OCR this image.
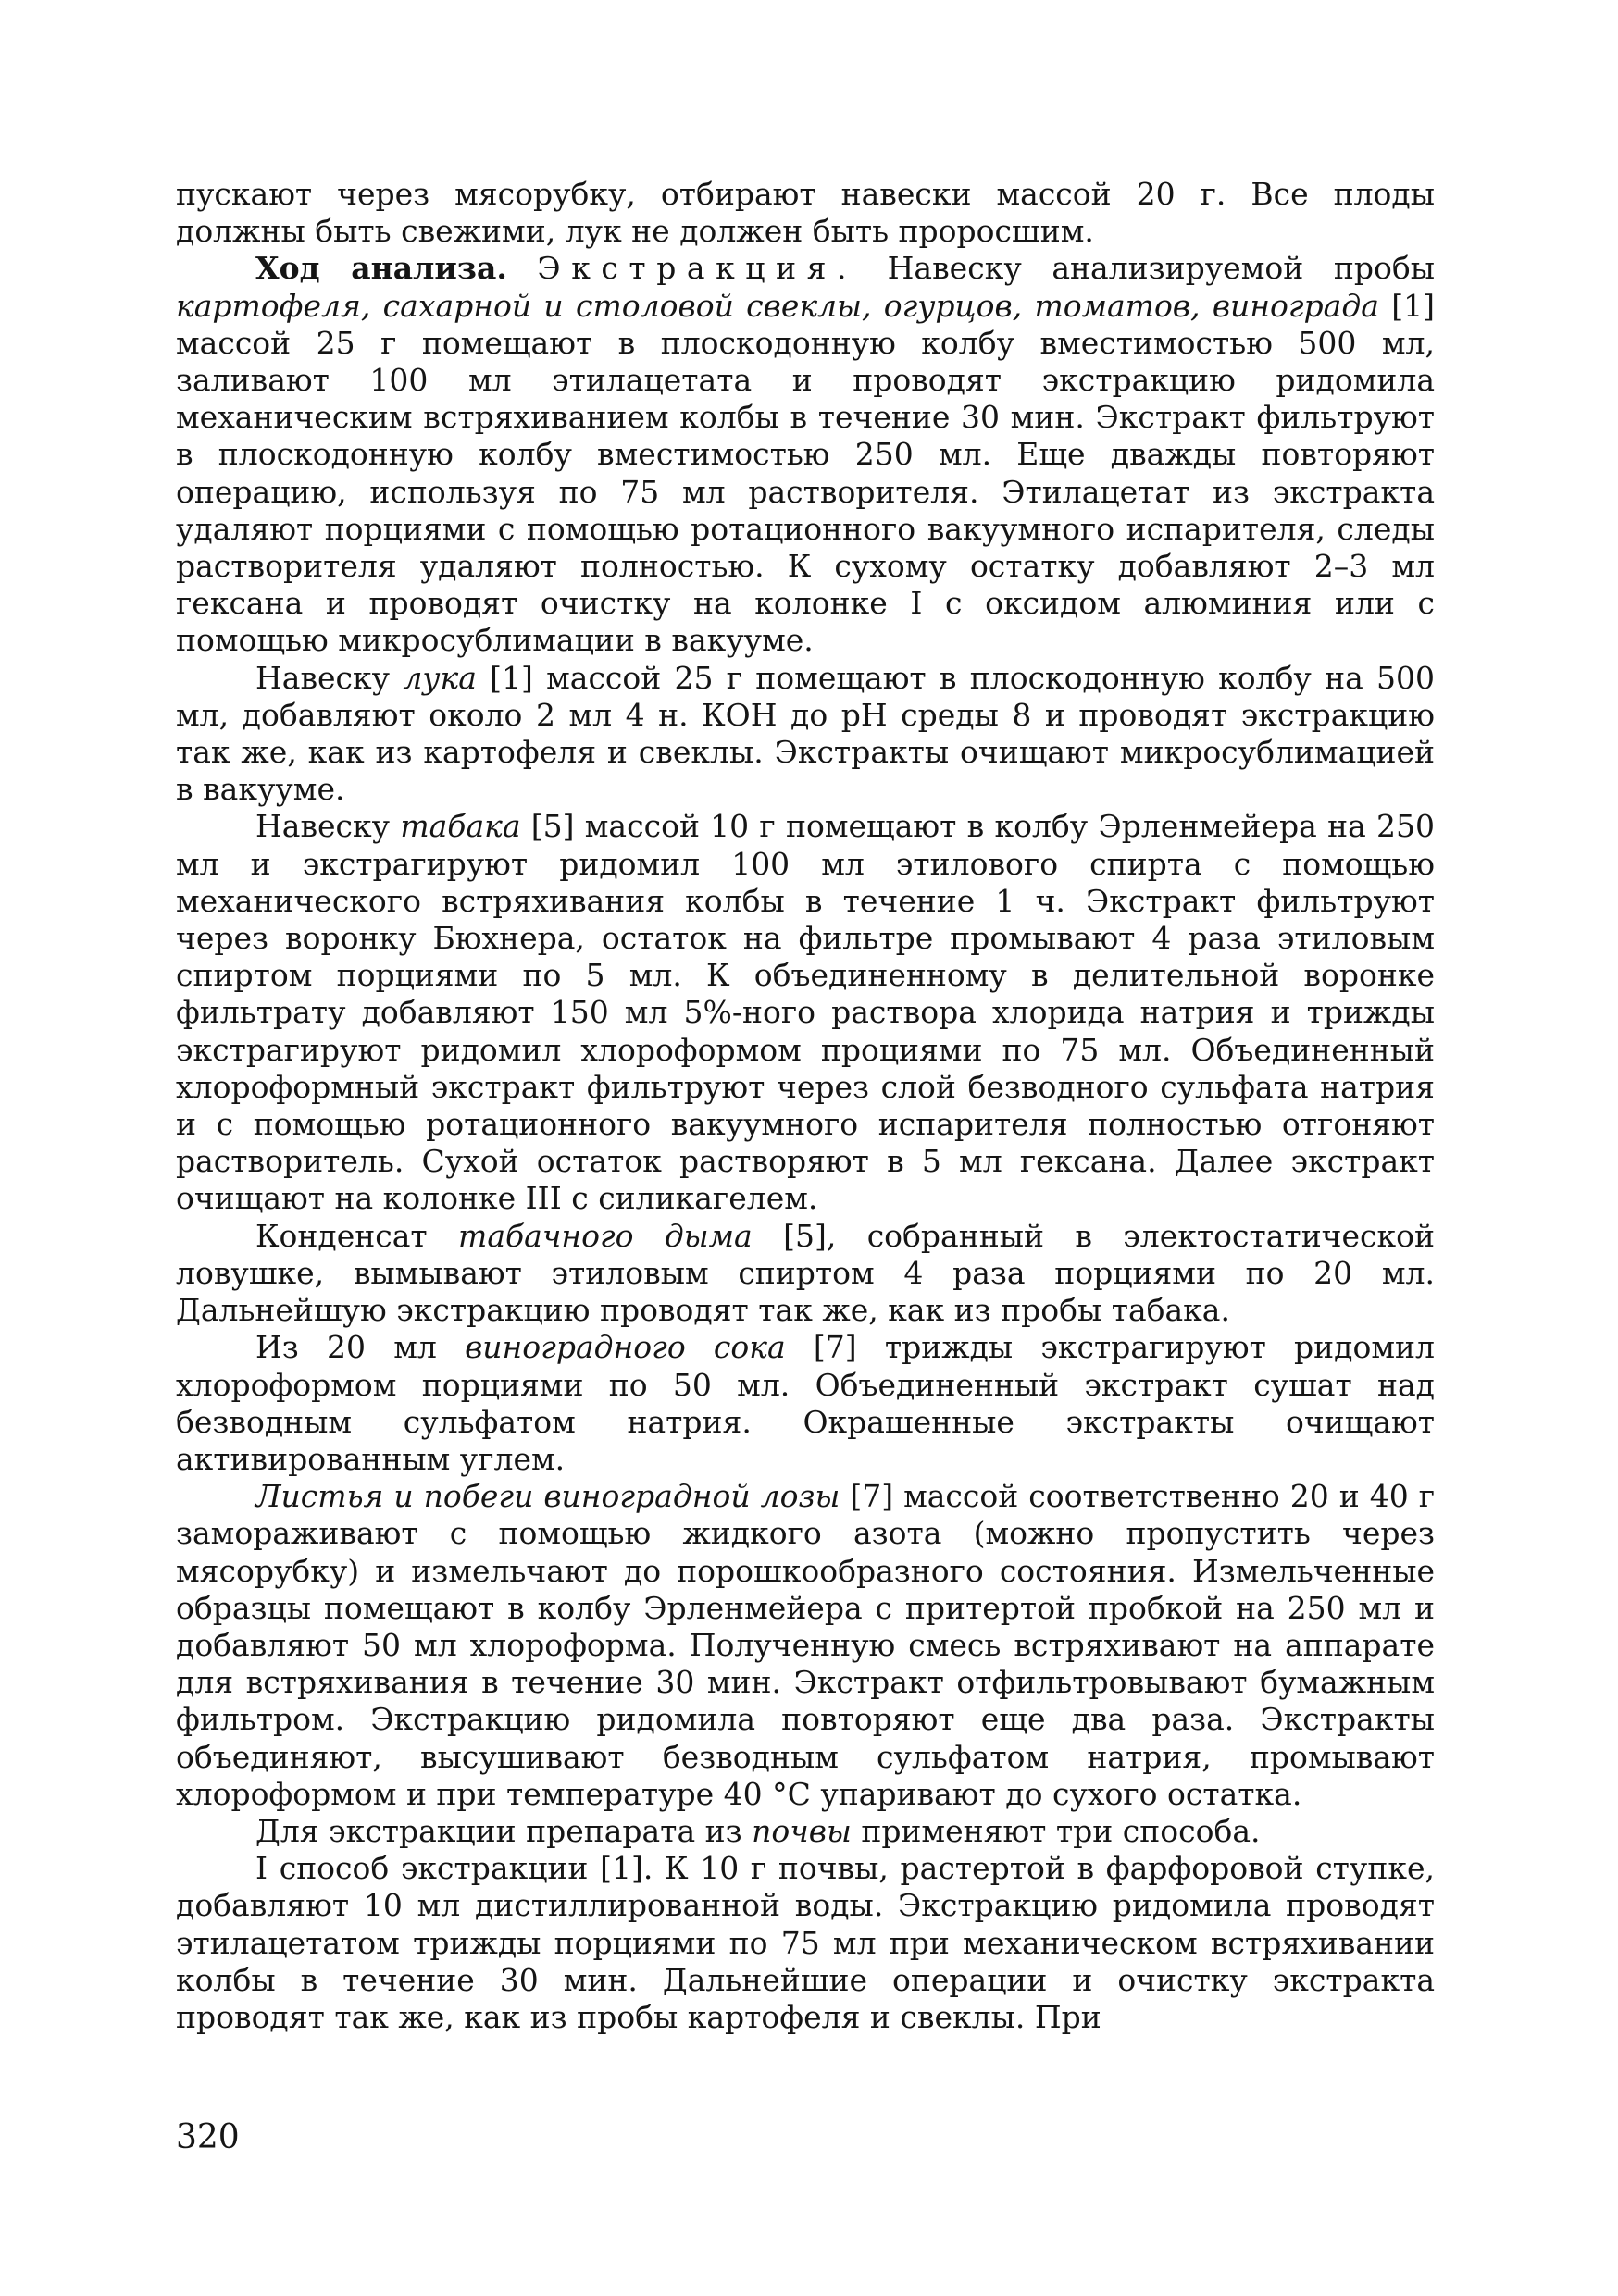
пускают через мясорубку, отбирают навески массой 20 г. Все плоды должны быть свежими, лук не должен быть проросшим.

Ход анализа. Экстракция. Навеску анализируемой пробы картофеля, сахарной и столовой свеклы, огурцов, томатов, винограда [1] массой 25 г помещают в плоскодонную колбу вместимостью 500 мл, заливают 100 мл этилацетата и проводят экстракцию ридомила механическим встряхиванием колбы в течение 30 мин. Экстракт фильтруют в плоскодонную колбу вместимостью 250 мл. Еще дважды повторяют операцию, используя по 75 мл растворителя. Этилацетат из экстракта удаляют порциями с помощью ротационного вакуумного испарителя, следы растворителя удаляют полностью. К сухому остатку добавляют 2–3 мл гексана и проводят очистку на колонке I с оксидом алюминия или с помощью микросублимации в вакууме.

Навеску лука [1] массой 25 г помещают в плоскодонную колбу на 500 мл, добавляют около 2 мл 4 н. КОН до pH среды 8 и проводят экстракцию так же, как из картофеля и свеклы. Экстракты очищают микросублимацией в вакууме.

Навеску табака [5] массой 10 г помещают в колбу Эрленмейера на 250 мл и экстрагируют ридомил 100 мл этилового спирта с помощью механического встряхивания колбы в течение 1 ч. Экстракт фильтруют через воронку Бюхнера, остаток на фильтре промывают 4 раза этиловым спиртом порциями по 5 мл. К объединенному в делительной воронке фильтрату добавляют 150 мл 5%-ного раствора хлорида натрия и трижды экстрагируют ридомил хлороформом проциями по 75 мл. Объединенный хлороформный экстракт фильтруют через слой безводного сульфата натрия и с помощью ротационного вакуумного испарителя полностью отгоняют растворитель. Сухой остаток растворяют в 5 мл гексана. Далее экстракт очищают на колонке III с силикагелем.

Конденсат табачного дыма [5], собранный в электостатической ловушке, вымывают этиловым спиртом 4 раза порциями по 20 мл. Дальнейшую экстракцию проводят так же, как из пробы табака.

Из 20 мл виноградного сока [7] трижды экстрагируют ридомил хлороформом порциями по 50 мл. Объединенный экстракт сушат над безводным сульфатом натрия. Окрашенные экстракты очищают активированным углем.

Листья и побеги виноградной лозы [7] массой соответственно 20 и 40 г замораживают с помощью жидкого азота (можно пропустить через мясорубку) и измельчают до порошкообразного состояния. Измельченные образцы помещают в колбу Эрленмейера с притертой пробкой на 250 мл и добавляют 50 мл хлороформа. Полученную смесь встряхивают на аппарате для встряхивания в течение 30 мин. Экстракт отфильтровывают бумажным фильтром. Экстракцию ридомила повторяют еще два раза. Экстракты объединяют, высушивают безводным сульфатом натрия, промывают хлороформом и при температуре 40 °С упаривают до сухого остатка.

Для экстракции препарата из почвы применяют три способа.

I способ экстракции [1]. К 10 г почвы, растертой в фарфоровой ступке, добавляют 10 мл дистиллированной воды. Экстракцию ридомила проводят этилацетатом трижды порциями по 75 мл при механическом встряхивании колбы в течение 30 мин. Дальнейшие операции и очистку экстракта проводят так же, как из пробы картофеля и свеклы. При

320
